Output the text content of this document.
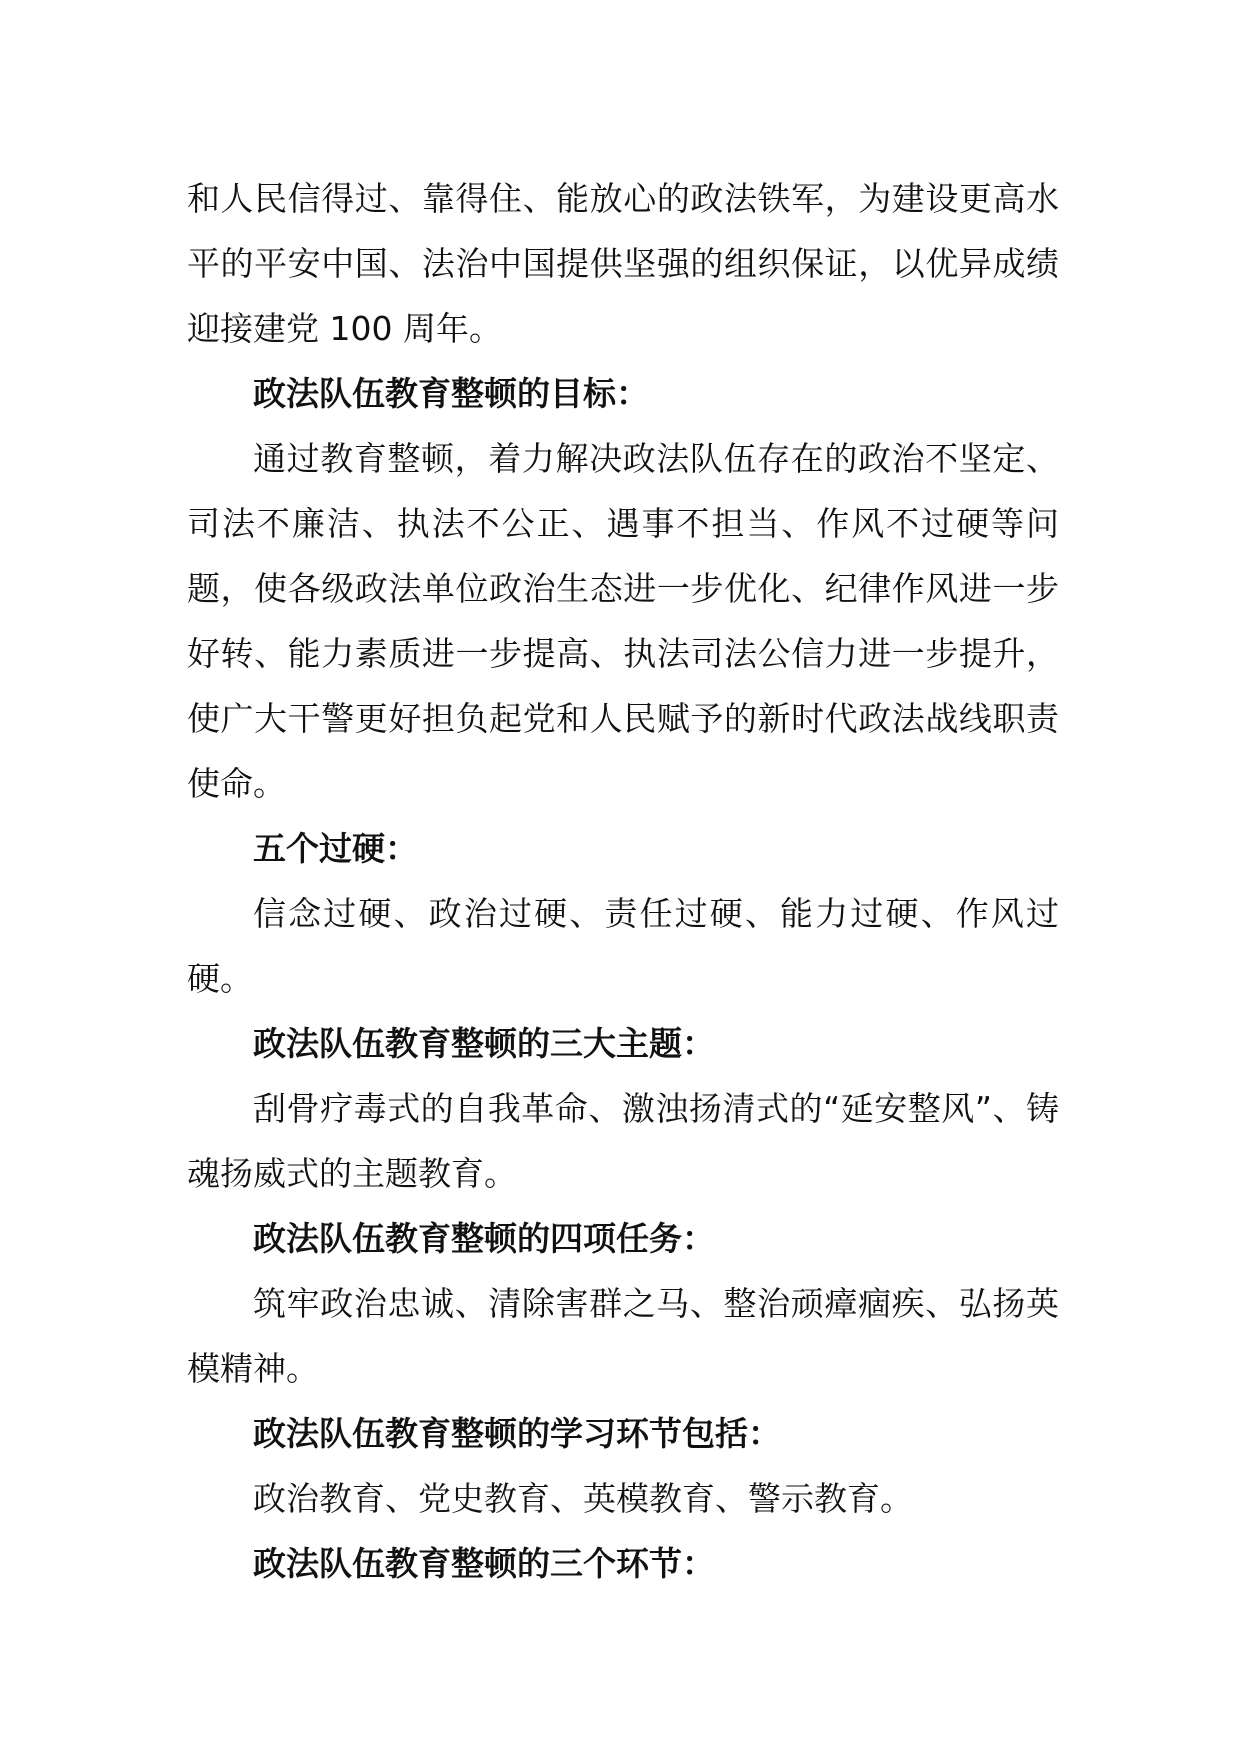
和人民信得过、靠得住、能放心的政法铁军，为建设更高水平的平安中国、法治中国提供坚强的组织保证，以优异成绩迎接建党 100 周年。

政法队伍教育整顿的目标：

通过教育整顿，着力解决政法队伍存在的政治不坚定、司法不廉洁、执法不公正、遇事不担当、作风不过硬等问题，使各级政法单位政治生态进一步优化、纪律作风进一步好转、能力素质进一步提高、执法司法公信力进一步提升，使广大干警更好担负起党和人民赋予的新时代政法战线职责使命。

五个过硬：

信念过硬、政治过硬、责任过硬、能力过硬、作风过硬。

政法队伍教育整顿的三大主题：

刮骨疗毒式的自我革命、激浊扬清式的“延安整风”、铸魂扬威式的主题教育。

政法队伍教育整顿的四项任务：

筑牢政治忠诚、清除害群之马、整治顽瘴痼疾、弘扬英模精神。

政法队伍教育整顿的学习环节包括：

政治教育、党史教育、英模教育、警示教育。

政法队伍教育整顿的三个环节：
